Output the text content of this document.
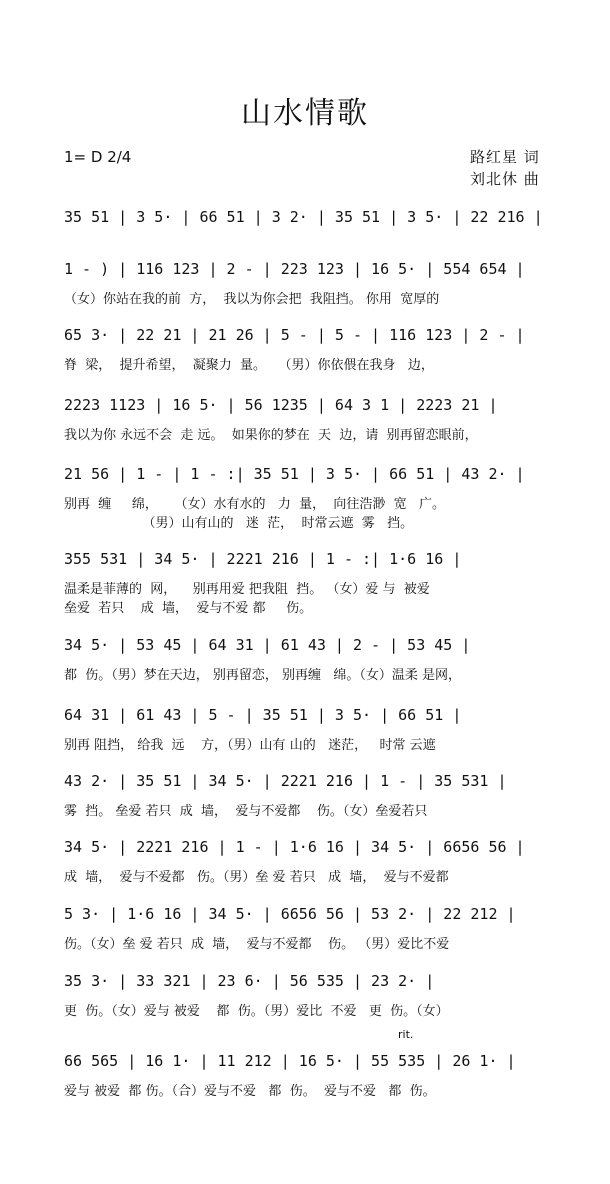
山水情歌
1= D 2/4	路红星 词
刘北休 曲
35 51 | 3 5· | 66 51 | 3 2· | 35 51 | 3 5· | 22 216 |
1 - ) | 116 123 | 2 - | 223 123 | 16 5· | 554 654 |
（女）你站在我的前  方，  我以为你会把  我阻挡。 你用  宽厚的
65 3· | 22 21 | 21 26 | 5 - | 5 - | 116 123 | 2 - |
脊  梁，  提升希望，  凝聚力  量。   （男）你依偎在我身   边，
2223 1123 | 16 5· | 56 1235 | 64 3 1 | 2223 21 |
我以为你 永远不会  走 远。  如果你的梦在  天  边，请  别再留恋眼前，
21 56 | 1 - | 1 - :| 35 51 | 3 5· | 66 51 | 43 2· |
别再  缠     绵，    （女）水有水的   力  量，  向往浩渺  宽   广。
（男）山有山的   迷  茫，  时常云遮  雾   挡。
355 531 | 34 5· | 2221 216 | 1 - :| 1·6 16 |
温柔是菲薄的  网，    别再用爱 把我阻  挡。 （女）爱 与  被爱
垒爱  若只    成  墙，  爱与不爱 都     伤。
34 5· | 53 45 | 64 31 | 61 43 | 2 - | 53 45 |
都  伤。（男）梦在天边， 别再留恋， 别再缠   绵。（女）温柔 是网，
64 31 | 61 43 | 5 - | 35 51 | 3 5· | 66 51 |
别再 阻挡， 给我  远    方，（男）山有 山的   迷茫，   时常 云遮
43 2· | 35 51 | 34 5· | 2221 216 | 1 - | 35 531 |
雾  挡。 垒爱 若只  成  墙，  爱与不爱都    伤。（女）垒爱若只
34 5· | 2221 216 | 1 - | 1·6 16 | 34 5· | 6656 56 |
成  墙，  爱与不爱都   伤。（男）垒 爱 若只   成  墙，  爱与不爱都
5 3· | 1·6 16 | 34 5· | 6656 56 | 53 2· | 22 212 |
伤。（女）垒 爱 若只  成  墙，  爱与不爱都    伤。 （男）爱比不爱
35 3· | 33 321 | 23 6· | 56 535 | 23 2· |
更  伤。（女）爱与 被爱    都  伤。（男）爱比  不爱   更  伤。（女）
66 565 | 16 1· | 11 212 | 16 5· | 55 535 | 26 1· |
爱与 被爱  都 伤。（合）爱与不爱   都  伤。  爱与不爱   都  伤。
rit.
